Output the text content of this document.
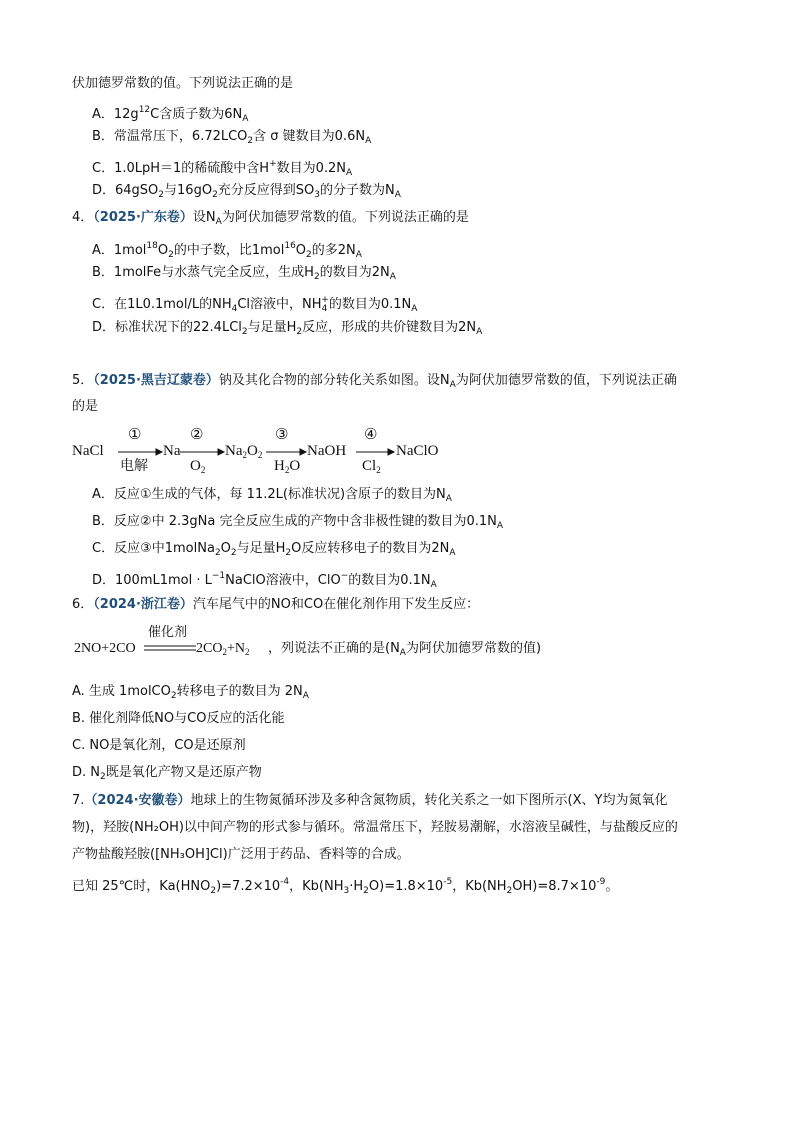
伏加德罗常数的值。下列说法正确的是
A．$12g^{12}C$含质子数为$6N_A$
B．常温常压下，$6.72LCO_2$含 σ 键数目为$0.6N_A$
C．1.0LpH＝1的稀硫酸中含H+数目为$0.2N_A$
D．64gSO$_2$与$16gO_2$充分反应得到$SO_3$的分子数为$N_A$
4．（2025·广东卷）设$N_A$为阿伏加德罗常数的值。下列说法正确的是
A．$1mol^{18}O_2$的中子数，比$1mol^{16}O_2$的多$2N_A$
B．1molFe与水蒸气完全反应，生成$H_2$的数目为$2N_A$
C．在1L0.1mol/L的$NH_4Cl$溶液中，$NH_4^+$的数目为$0.1N_A$
D．标准状况下的22.4LCl$_2$与足量$H_2$反应，形成的共价键数目为$2N_A$
5．（2025·黑吉辽蒙卷）钠及其化合物的部分转化关系如图。设$N_A$为阿伏加德罗常数的值，下列说法正确
的是
NaCl	Na	$Na_2O_2$	NaOH	NaClO
①	②	③	④
电解	$O_2$	$H_2O$	$Cl_2$
A．反应①生成的气体，每 11.2L(标准状况)含原子的数目为$N_A$
B．反应②中 2.3gNa 完全反应生成的产物中含非极性键的数目为$0.1N_A$
C．反应③中$1molNa_2O_2$与足量$H_2O$反应转移电子的数目为$2N_A$
D．$100mL1mol \cdot L^{-1}NaClO$溶液中，ClO−的数目为$0.1N_A$
6．（2024·浙江卷）汽车尾气中的NO和CO在催化剂作用下发生反应：
2NO+2CO
催化剂
$2CO_2+N_2$ ，列说法不正确的是($N_A$为阿伏加德罗常数的值)
A. 生成 1molCO$_2$转移电子的数目为 $2N_A$
B. 催化剂降低NO与CO反应的活化能
C. NO是氧化剂，CO是还原剂
D. $N_2$既是氧化产物又是还原产物
7.（2024·安徽卷）地球上的生物氮循环涉及多种含氮物质，转化关系之一如下图所示(X、Y均为氮氧化
物)，羟胺(NH₂OH)以中间产物的形式参与循环。常温常压下，羟胺易潮解，水溶液呈碱性，与盐酸反应的
产物盐酸羟胺([NH₃OH]Cl)广泛用于药品、香料等的合成。
已知 25℃时，$Ka(HNO_2)=7.2\times 10^{-4}$，$Kb(NH_3\cdot H_2O)=1.8\times 10^{-5}$，$Kb(NH_2OH)=8.7\times 10^{-9}$。
